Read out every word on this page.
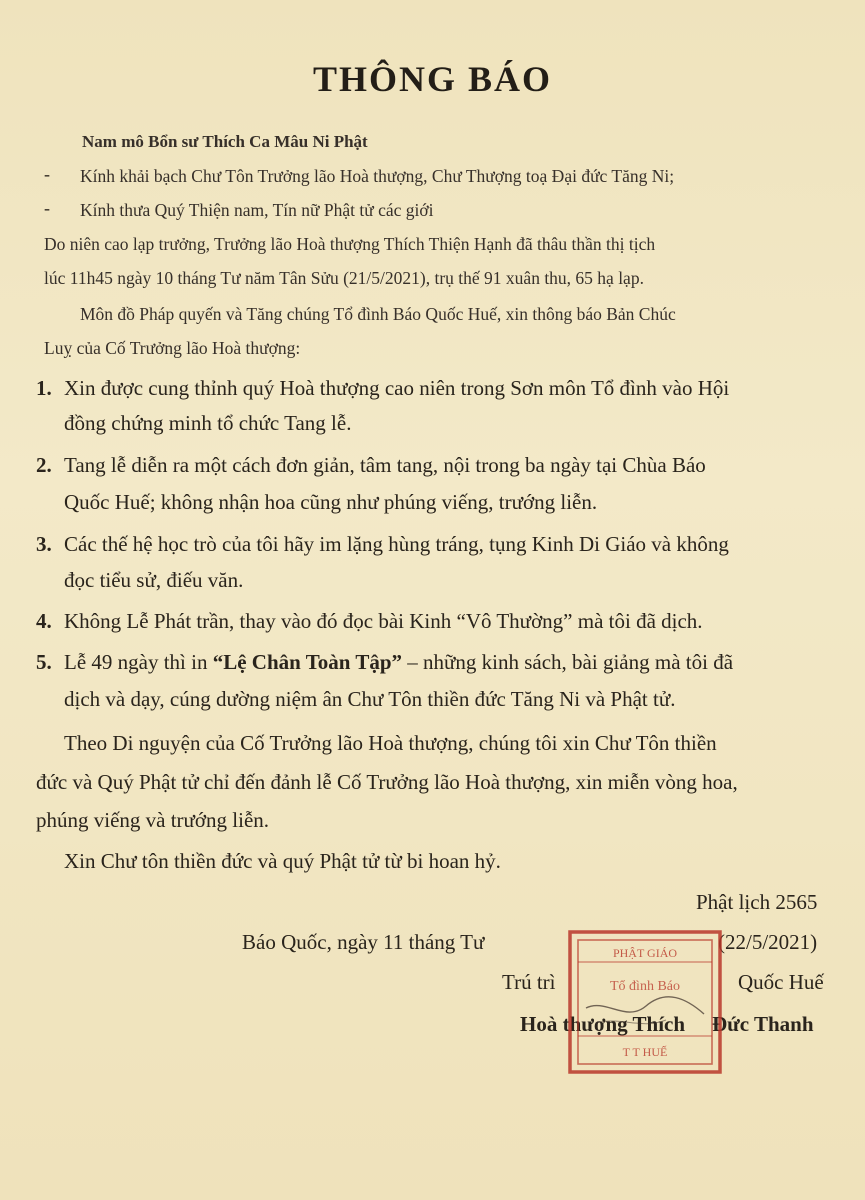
THÔNG BÁO
Nam mô Bổn sư Thích Ca Mâu Ni Phật
- Kính khải bạch Chư Tôn Trưởng lão Hoà thượng, Chư Thượng toạ Đại đức Tăng Ni;
- Kính thưa Quý Thiện nam, Tín nữ Phật tử các giới
Do niên cao lạp trưởng, Trưởng lão Hoà thượng Thích Thiện Hạnh đã thâu thần thị tịch
lúc 11h45 ngày 10 tháng Tư năm Tân Sửu (21/5/2021), trụ thế 91 xuân thu, 65 hạ lạp.
Môn đồ Pháp quyến và Tăng chúng Tổ đình Báo Quốc Huế, xin thông báo Bản Chúc
Luỵ của Cố Trưởng lão Hoà thượng:
1. Xin được cung thỉnh quý Hoà thượng cao niên trong Sơn môn Tổ đình vào Hội
đồng chứng minh tổ chức Tang lễ.
2. Tang lễ diễn ra một cách đơn giản, tâm tang, nội trong ba ngày tại Chùa Báo
Quốc Huế; không nhận hoa cũng như phúng viếng, trướng liễn.
3. Các thế hệ học trò của tôi hãy im lặng hùng tráng, tụng Kinh Di Giáo và không
đọc tiểu sử, điếu văn.
4. Không Lễ Phát trần, thay vào đó đọc bài Kinh “Vô Thường” mà tôi đã dịch.
5. Lễ 49 ngày thì in “Lệ Chân Toàn Tập” – những kinh sách, bài giảng mà tôi đã
dịch và dạy, cúng dường niệm ân Chư Tôn thiền đức Tăng Ni và Phật tử.
Theo Di nguyện của Cố Trưởng lão Hoà thượng, chúng tôi xin Chư Tôn thiền
đức và Quý Phật tử chỉ đến đảnh lễ Cố Trưởng lão Hoà thượng, xin miễn vòng hoa,
phúng viếng và trướng liễn.
Xin Chư tôn thiền đức và quý Phật tử từ bi hoan hỷ.
Phật lịch 2565
Báo Quốc, ngày 11 tháng Tư	(22/5/2021)
Trú trì	Quốc Huế
Hoà thượng Thích Đức Thanh
PHẬT GIÁO
Tổ đình Báo
T T HUẾ
